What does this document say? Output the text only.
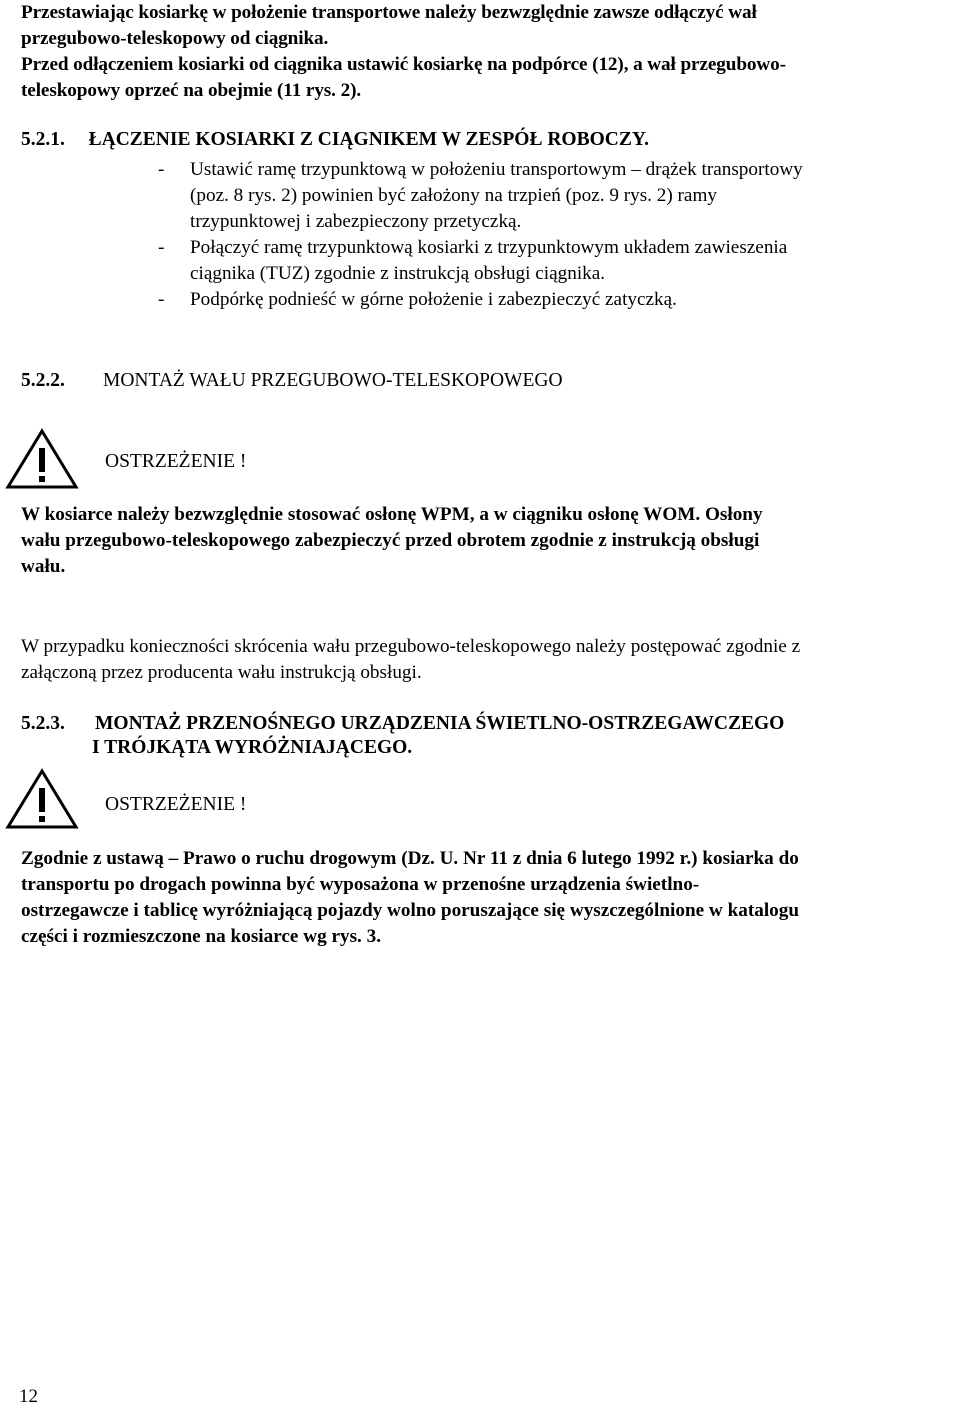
Przestawiając kosiarkę w położenie transportowe należy bezwzględnie zawsze odłączyć wał
przegubowo-teleskopowy od ciągnika.
Przed odłączeniem kosiarki od ciągnika ustawić kosiarkę na podpórce (12), a wał przegubowo-
teleskopowy oprzeć na obejmie (11 rys. 2).
5.2.1. ŁĄCZENIE KOSIARKI Z CIĄGNIKEM W ZESPÓŁ ROBOCZY.
- Ustawić ramę trzypunktową w położeniu transportowym – drążek transportowy
(poz. 8 rys. 2) powinien być założony na trzpień (poz. 9 rys. 2) ramy
trzypunktowej i zabezpieczony przetyczką.
- Połączyć ramę trzypunktową kosiarki z trzypunktowym układem zawieszenia
ciągnika (TUZ) zgodnie z instrukcją obsługi ciągnika.
- Podpórkę podnieść w górne położenie i zabezpieczyć zatyczką.
5.2.2. MONTAŻ WAŁU PRZEGUBOWO-TELESKOPOWEGO
OSTRZEŻENIE !
W kosiarce należy bezwzględnie stosować osłonę WPM, a w ciągniku osłonę WOM. Osłony
wału przegubowo-teleskopowego zabezpieczyć przed obrotem zgodnie z instrukcją obsługi
wału.
W przypadku konieczności skrócenia wału przegubowo-teleskopowego należy postępować zgodnie z
załączoną przez producenta wału instrukcją obsługi.
5.2.3. MONTAŻ PRZENOŚNEGO URZĄDZENIA ŚWIETLNO-OSTRZEGAWCZEGO
I TRÓJKĄTA WYRÓŻNIAJĄCEGO.
OSTRZEŻENIE !
Zgodnie z ustawą – Prawo o ruchu drogowym (Dz. U. Nr 11 z dnia 6 lutego 1992 r.) kosiarka do
transportu po drogach powinna być wyposażona w przenośne urządzenia świetlno-
ostrzegawcze i tablicę wyróżniającą pojazdy wolno poruszające się wyszczególnione w katalogu
części i rozmieszczone na kosiarce wg rys. 3.
12
